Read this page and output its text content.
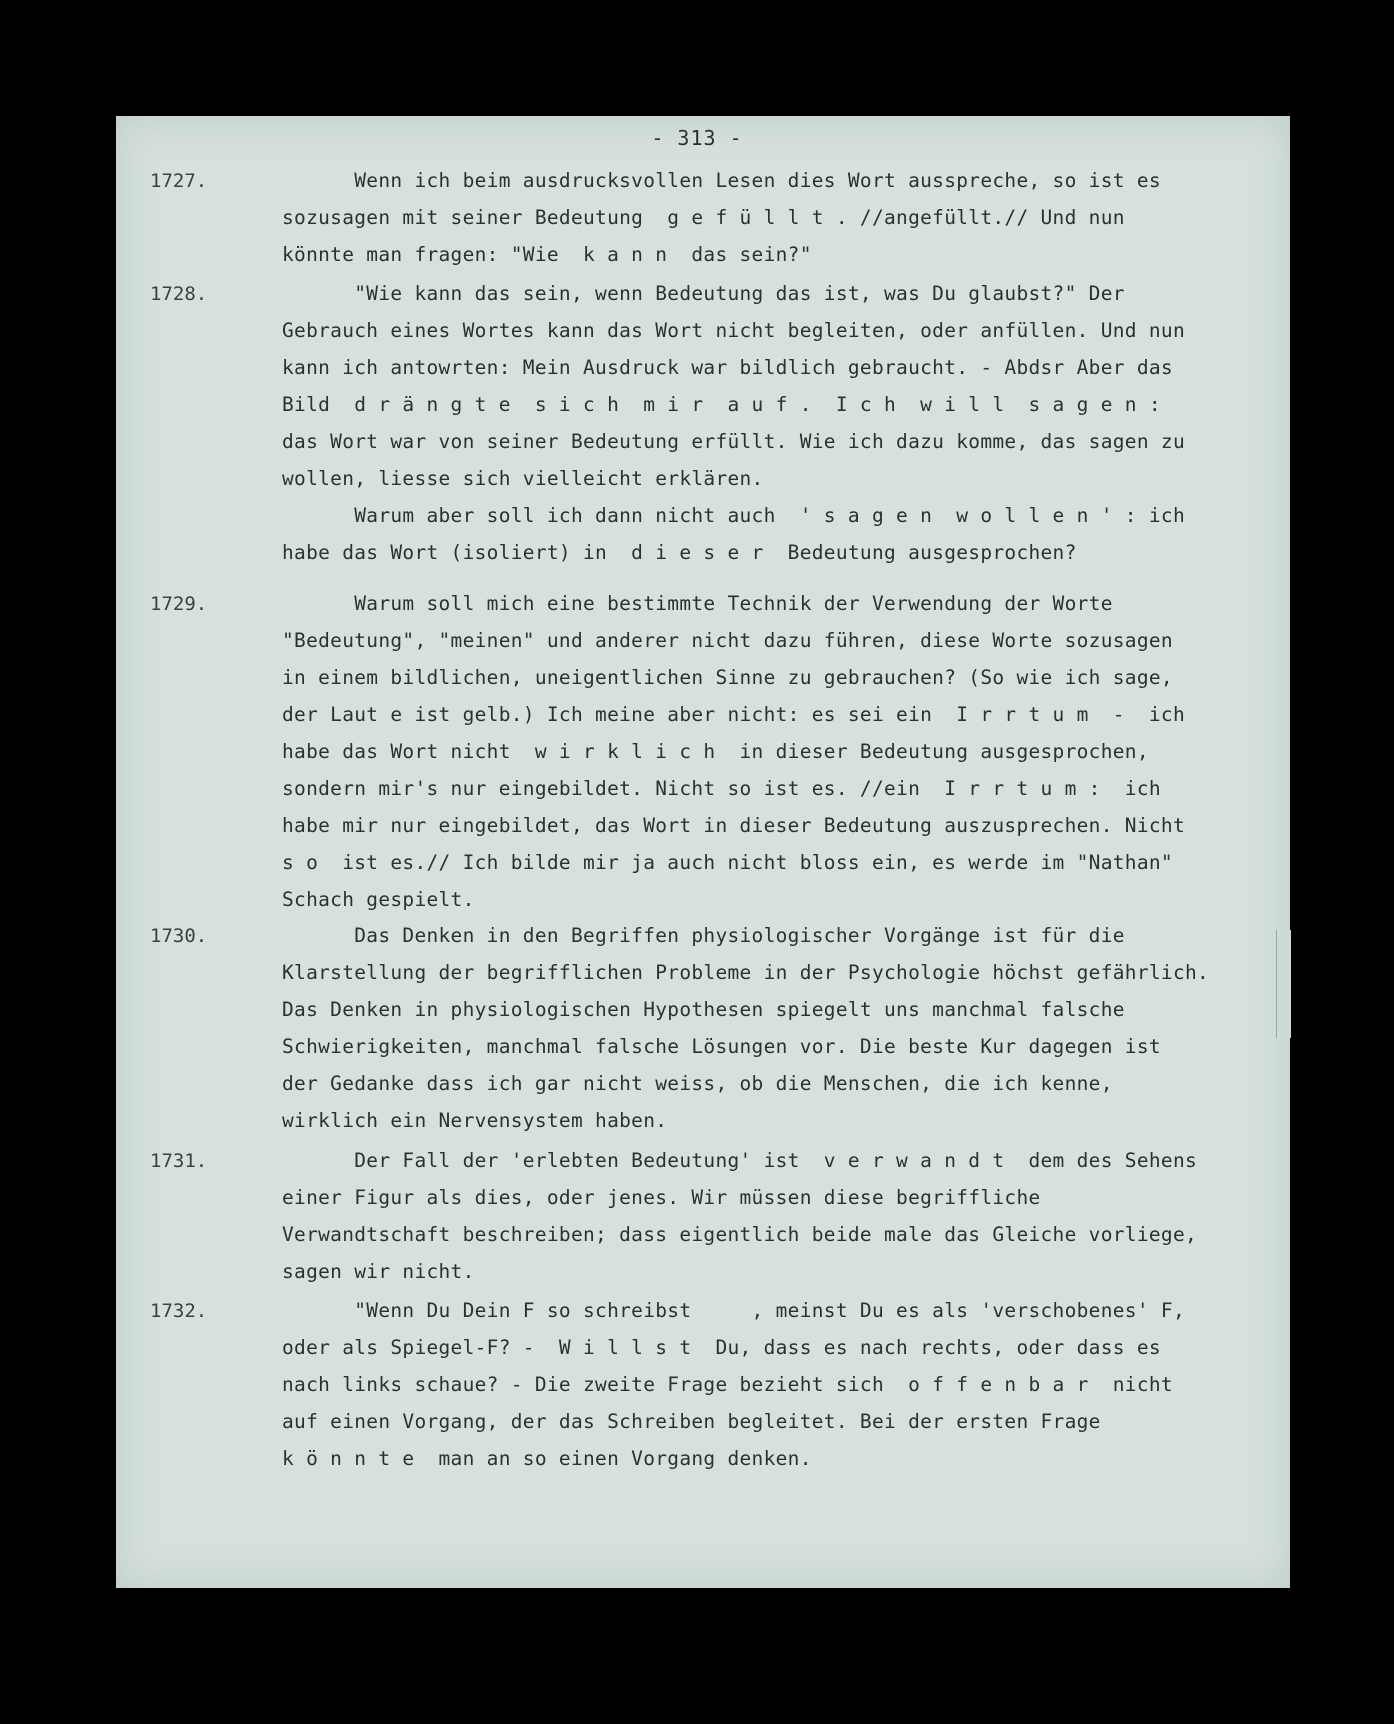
- 313 -
1727.	Wenn ich beim ausdrucksvollen Lesen dies Wort ausspreche, so ist es
sozusagen mit seiner Bedeutung  g e f ü l l t . //angefüllt.// Und nun
könnte man fragen: "Wie  k a n n  das sein?"
1728.	"Wie kann das sein, wenn Bedeutung das ist, was Du glaubst?" Der
Gebrauch eines Wortes kann das Wort nicht begleiten, oder anfüllen. Und nun
kann ich antowrten: Mein Ausdruck war bildlich gebraucht. - Abdsr Aber das
Bild  d r ä n g t e  s i c h  m i r  a u f .  I c h  w i l l  s a g e n :
das Wort war von seiner Bedeutung erfüllt. Wie ich dazu komme, das sagen zu
wollen, liesse sich vielleicht erklären.
Warum aber soll ich dann nicht auch  ' s a g e n  w o l l e n ' : ich
habe das Wort (isoliert) in  d i e s e r  Bedeutung ausgesprochen?
1729.	Warum soll mich eine bestimmte Technik der Verwendung der Worte
"Bedeutung", "meinen" und anderer nicht dazu führen, diese Worte sozusagen
in einem bildlichen, uneigentlichen Sinne zu gebrauchen? (So wie ich sage,
der Laut e ist gelb.) Ich meine aber nicht: es sei ein  I r r t u m  -  ich
habe das Wort nicht  w i r k l i c h  in dieser Bedeutung ausgesprochen,
sondern mir's nur eingebildet. Nicht so ist es. //ein  I r r t u m :  ich
habe mir nur eingebildet, das Wort in dieser Bedeutung auszusprechen. Nicht
s o  ist es.// Ich bilde mir ja auch nicht bloss ein, es werde im "Nathan"
Schach gespielt.
1730.	Das Denken in den Begriffen physiologischer Vorgänge ist für die
Klarstellung der begrifflichen Probleme in der Psychologie höchst gefährlich.
Das Denken in physiologischen Hypothesen spiegelt uns manchmal falsche
Schwierigkeiten, manchmal falsche Lösungen vor. Die beste Kur dagegen ist
der Gedanke dass ich gar nicht weiss, ob die Menschen, die ich kenne,
wirklich ein Nervensystem haben.
1731.	Der Fall der 'erlebten Bedeutung' ist  v e r w a n d t  dem des Sehens
einer Figur als dies, oder jenes. Wir müssen diese begriffliche
Verwandtschaft beschreiben; dass eigentlich beide male das Gleiche vorliege,
sagen wir nicht.
1732.	"Wenn Du Dein F so schreibst     , meinst Du es als 'verschobenes' F,
oder als Spiegel-F? -  W i l l s t  Du, dass es nach rechts, oder dass es
nach links schaue? - Die zweite Frage bezieht sich  o f f e n b a r  nicht
auf einen Vorgang, der das Schreiben begleitet. Bei der ersten Frage
k ö n n t e  man an so einen Vorgang denken.
